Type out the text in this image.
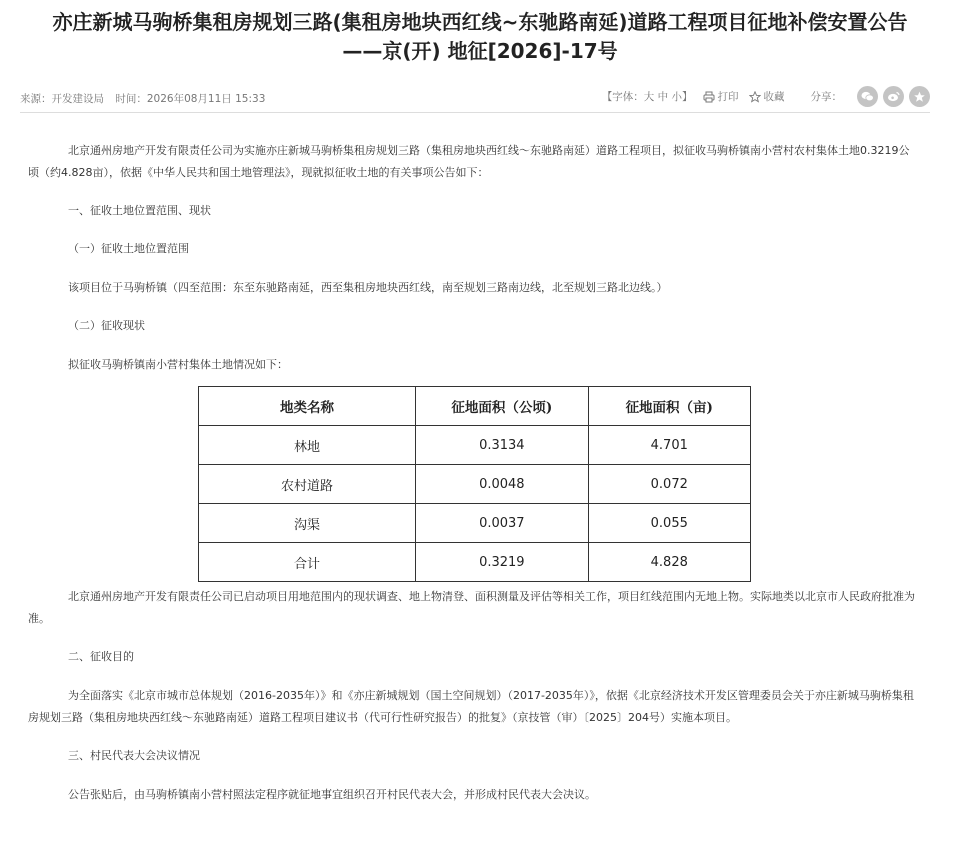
亦庄新城马驹桥集租房规划三路(集租房地块西红线~东驰路南延)道路工程项目征地补偿安置公告
——京(开) 地征[2026]-17号
来源：开发建设局 时间：2026年08月11日 15:33	【字体：大 中 小】 打印 收藏 分享：

北京通州房地产开发有限责任公司为实施亦庄新城马驹桥集租房规划三路（集租房地块西红线～东驰路南延）道路工程项目，拟征收马驹桥镇南小营村农村集体土地0.3219公顷（约4.828亩），依据《中华人民共和国土地管理法》，现就拟征收土地的有关事项公告如下：

一、征收土地位置范围、现状

（一）征收土地位置范围

该项目位于马驹桥镇（四至范围：东至东驰路南延，西至集租房地块西红线，南至规划三路南边线，北至规划三路北边线。）

（二）征收现状

拟征收马驹桥镇南小营村集体土地情况如下：

地类名称	征地面积（公顷)	征地面积（亩)
林地	0.3134	4.701
农村道路	0.0048	0.072
沟渠	0.0037	0.055
合计	0.3219	4.828

北京通州房地产开发有限责任公司已启动项目用地范围内的现状调查、地上物清登、面积测量及评估等相关工作，项目红线范围内无地上物。实际地类以北京市人民政府批准为准。

二、征收目的

为全面落实《北京市城市总体规划（2016-2035年）》和《亦庄新城规划（国土空间规划）（2017-2035年）》，依据《北京经济技术开发区管理委员会关于亦庄新城马驹桥集租房规划三路（集租房地块西红线～东驰路南延）道路工程项目建议书（代可行性研究报告）的批复》（京技管（审）〔2025〕204号）实施本项目。

三、村民代表大会决议情况

公告张贴后，由马驹桥镇南小营村照法定程序就征地事宜组织召开村民代表大会，并形成村民代表大会决议。
